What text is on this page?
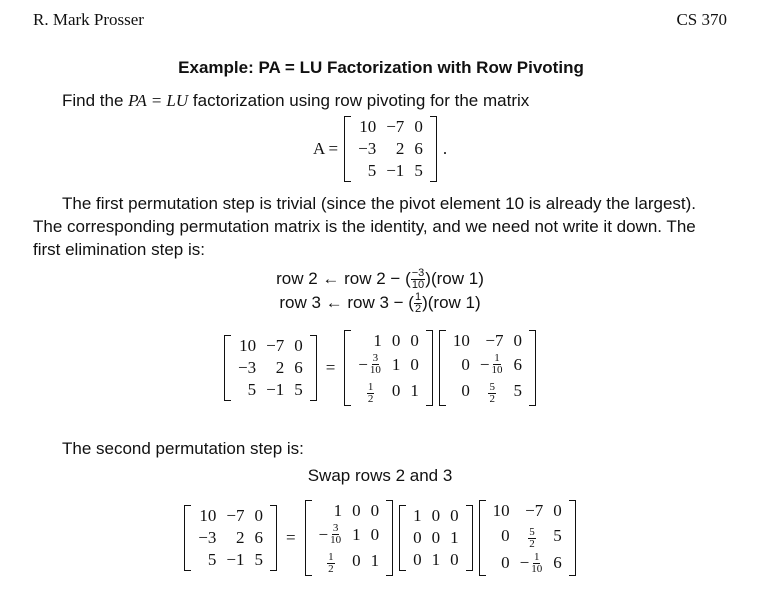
R. Mark Prosser	CS 370
Example: PA = LU Factorization with Row Pivoting
Find the PA = LU factorization using row pivoting for the matrix
A =
10	−7	0
−3	2	6
5	−1	5
.
The first permutation step is trivial (since the pivot element 10 is already the largest).
The corresponding permutation matrix is the identity, and we need not write it down. The
first elimination step is:
row 2 ← row 2 − ( $\frac{-3}{10} )(row$ 1)
row 3 ← row 3 − ( $\frac{1}{2} )(row$ 1)
10	−7	0
−3	2	6
5	−1	5
=
1	0	0

− $\frac{3}{10}$	1	0

$\frac{1}{2}$	0	1
10	−7	0
0	− $\frac{1}{10}$	6
0	$\frac{5}{2}$	5
The second permutation step is:
Swap rows 2 and 3
10	−7	0
−3	2	6
5	−1	5
=
1	0	0

− $\frac{3}{10}$	1	0

$\frac{1}{2}$	0	1
1	0	0
0	0	1
0	1	0
10	−7	0
0	$\frac{5}{2}$	5
0	− $\frac{1}{10}$	6
